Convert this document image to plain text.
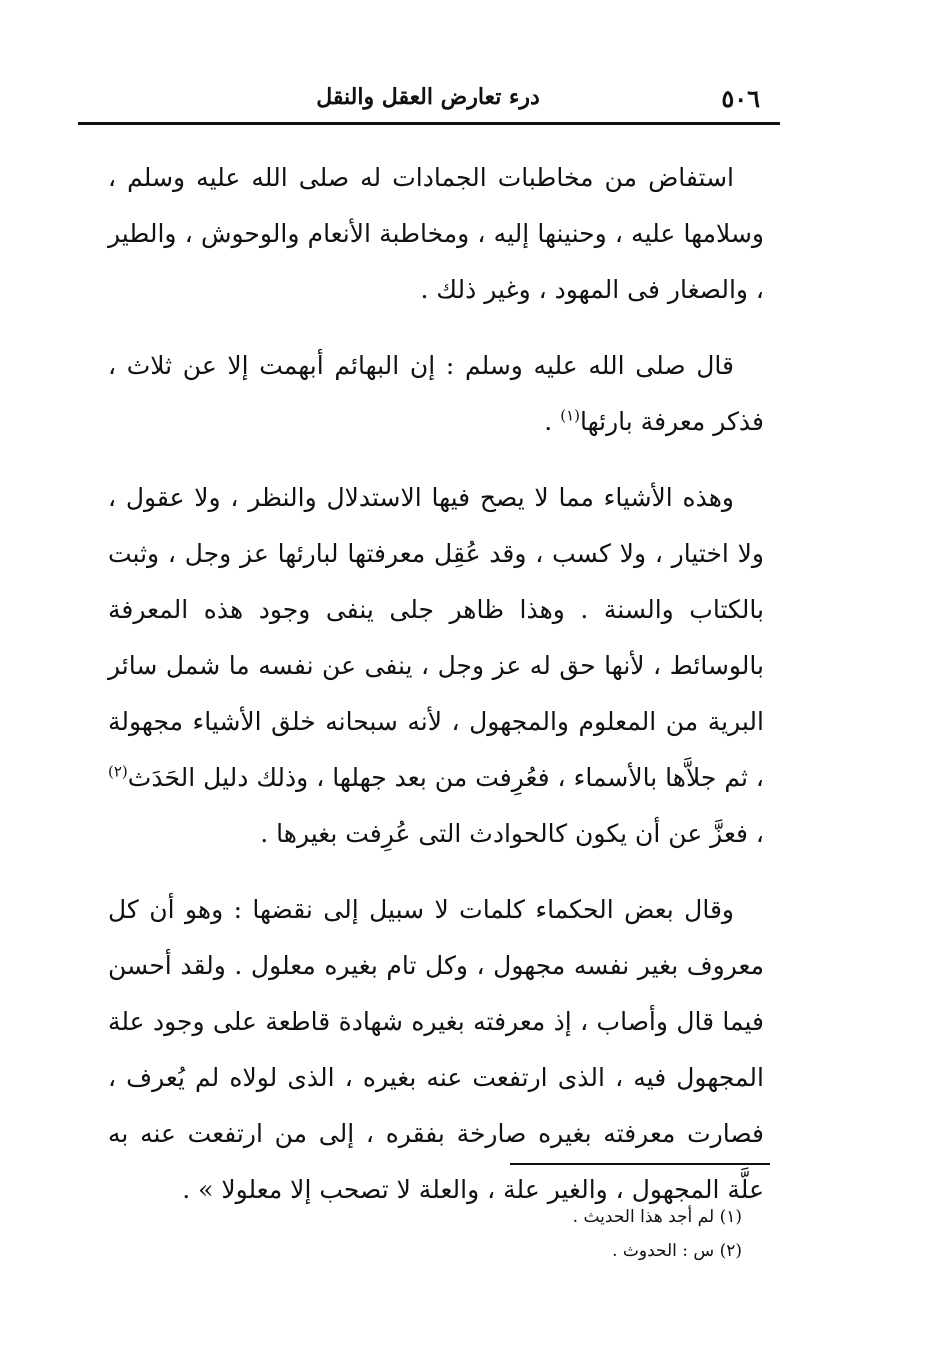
٥٠٦
درء تعارض العقل والنقل

استفاض من مخاطبات الجمادات له صلى الله عليه وسلم ، وسلامها عليه ، وحنينها إليه ، ومخاطبة الأنعام والوحوش ، والطير ، والصغار فى المهود ، وغير ذلك .

قال صلى الله عليه وسلم : إن البهائم أبهمت إلا عن ثلاث ، فذكر معرفة بارئها$^{(١)}$ .

وهذه الأشياء مما لا يصح فيها الاستدلال والنظر ، ولا عقول ، ولا اختيار ، ولا كسب ، وقد عُقِل معرفتها لبارئها عز وجل ، وثبت بالكتاب والسنة . وهذا ظاهر جلى ينفى وجود هذه المعرفة بالوسائط ، لأنها حق له عز وجل ، ينفى عن نفسه ما شمل سائر البرية من المعلوم والمجهول ، لأنه سبحانه خلق الأشياء مجهولة ، ثم جلاَّها بالأسماء ، فعُرِفت من بعد جهلها ، وذلك دليل الحَدَث$^{(٢)}$ ، فعزَّ عن أن يكون كالحوادث التى عُرِفت بغيرها .

وقال بعض الحكماء كلمات لا سبيل إلى نقضها : وهو أن كل معروف بغير نفسه مجهول ، وكل تام بغيره معلول . ولقد أحسن فيما قال وأصاب ، إذ معرفته بغيره شهادة قاطعة على وجود علة المجهول فيه ، الذى ارتفعت عنه بغيره ، الذى لولاه لم يُعرف ، فصارت معرفته بغيره صارخة بفقره ، إلى من ارتفعت عنه به علَّة المجهول ، والغير علة ، والعلة لا تصحب إلا معلولا » .

(١) لم أجد هذا الحديث .
(٢) س : الحدوث .
